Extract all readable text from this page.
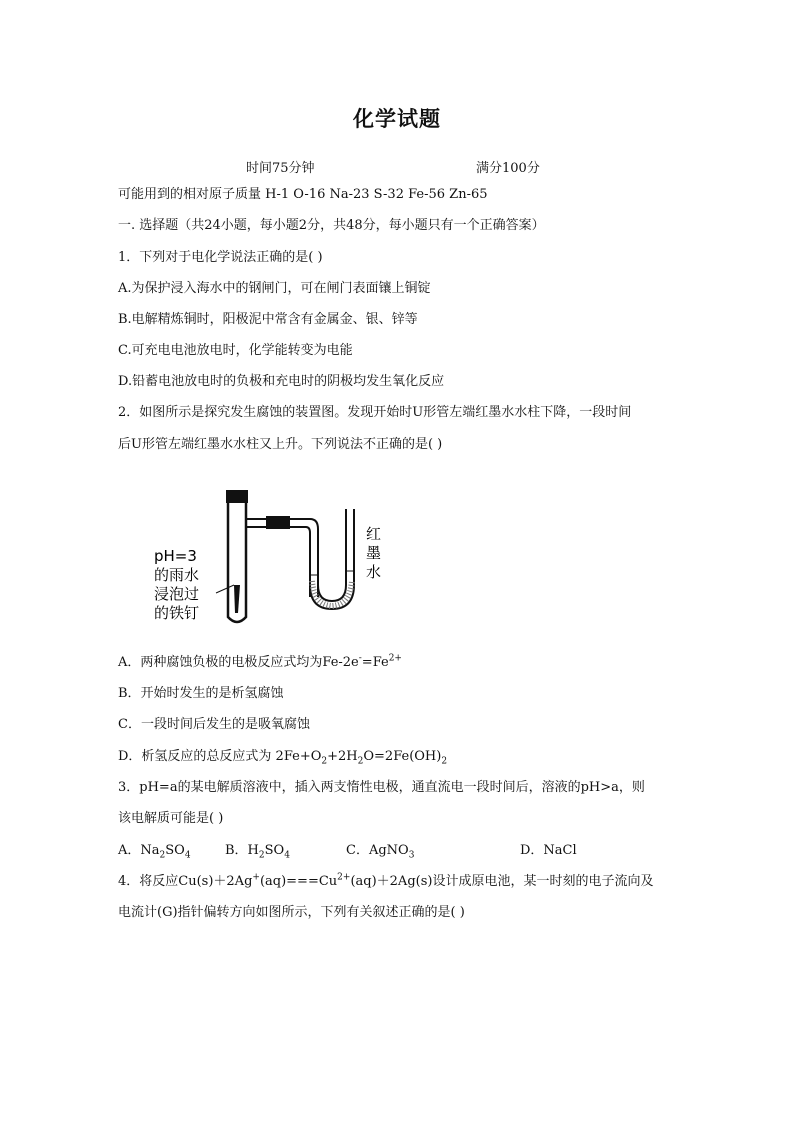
化学试题
时间75分钟	满分100分
可能用到的相对原子质量 H-1 O-16 Na-23 S-32 Fe-56 Zn-65
一. 选择题（共24小题，每小题2分，共48分，每小题只有一个正确答案）
1．下列对于电化学说法正确的是( )
A.为保护浸入海水中的钢闸门，可在闸门表面镶上铜锭
B.电解精炼铜时，阳极泥中常含有金属金、银、锌等
C.可充电电池放电时，化学能转变为电能
D.铅蓄电池放电时的负极和充电时的阴极均发生氧化反应
2．如图所示是探究发生腐蚀的装置图。发现开始时U形管左端红墨水水柱下降，一段时间
后U形管左端红墨水水柱又上升。下列说法不正确的是( )
pH=3
的雨水
浸泡过
的铁钉
红
墨
水
A．两种腐蚀负极的电极反应式均为$Fe-2e^-=Fe^{2+}$
B．开始时发生的是析氢腐蚀
C．一段时间后发生的是吸氧腐蚀
D．析氢反应的总反应式为 $2Fe+O_2+2H_2O=2Fe(OH)_2$
3．pH=a的某电解质溶液中，插入两支惰性电极，通直流电一段时间后，溶液的pH>a，则
该电解质可能是( )
A．$Na_2SO_4$	B．$H_2SO_4$	C．AgNO$_3$	D．NaCl
4．将反应$Cu(s)+2Ag^+(aq)===Cu^{2+}(aq)+2Ag(s)$设计成原电池，某一时刻的电子流向及
电流计(G)指针偏转方向如图所示，下列有关叙述正确的是( )
